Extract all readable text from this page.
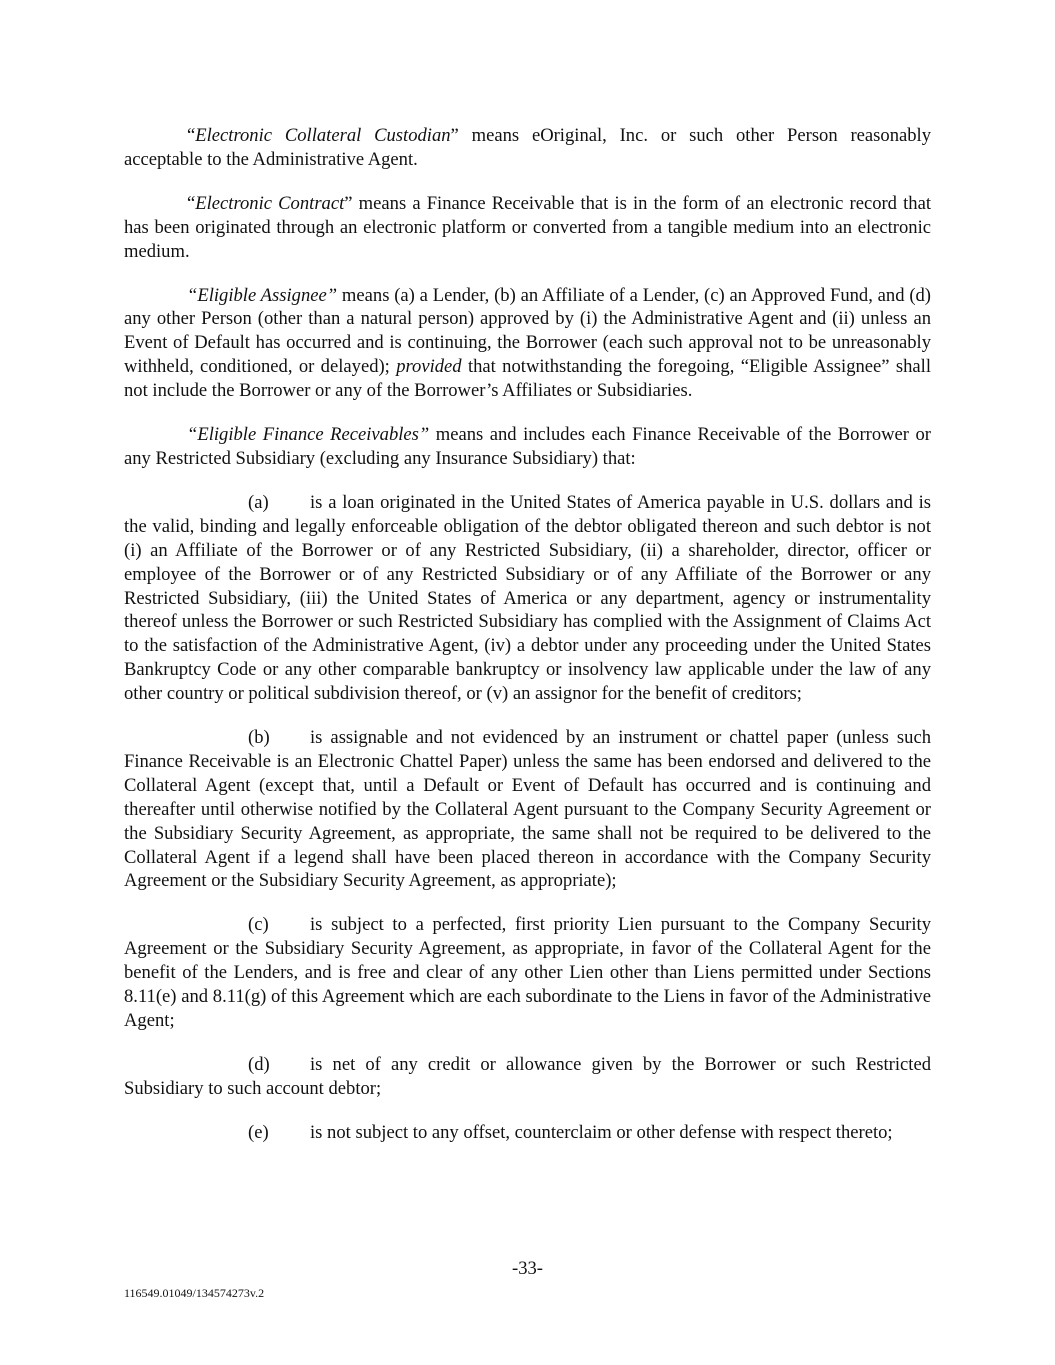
“Electronic Collateral Custodian” means eOriginal, Inc. or such other Person reasonably acceptable to the Administrative Agent.

“Electronic Contract” means a Finance Receivable that is in the form of an electronic record that has been originated through an electronic platform or converted from a tangible medium into an electronic medium.

“Eligible Assignee” means (a) a Lender, (b) an Affiliate of a Lender, (c) an Approved Fund, and (d) any other Person (other than a natural person) approved by (i) the Administrative Agent and (ii) unless an Event of Default has occurred and is continuing, the Borrower (each such approval not to be unreasonably withheld, conditioned, or delayed); provided that notwithstanding the foregoing, “Eligible Assignee” shall not include the Borrower or any of the Borrower’s Affiliates or Subsidiaries.

“Eligible Finance Receivables” means and includes each Finance Receivable of the Borrower or any Restricted Subsidiary (excluding any Insurance Subsidiary) that:

(a) is a loan originated in the United States of America payable in U.S. dollars and is the valid, binding and legally enforceable obligation of the debtor obligated thereon and such debtor is not (i) an Affiliate of the Borrower or of any Restricted Subsidiary, (ii) a shareholder, director, officer or employee of the Borrower or of any Restricted Subsidiary or of any Affiliate of the Borrower or any Restricted Subsidiary, (iii) the United States of America or any department, agency or instrumentality thereof unless the Borrower or such Restricted Subsidiary has complied with the Assignment of Claims Act to the satisfaction of the Administrative Agent, (iv) a debtor under any proceeding under the United States Bankruptcy Code or any other comparable bankruptcy or insolvency law applicable under the law of any other country or political subdivision thereof, or (v) an assignor for the benefit of creditors;

(b) is assignable and not evidenced by an instrument or chattel paper (unless such Finance Receivable is an Electronic Chattel Paper) unless the same has been endorsed and delivered to the Collateral Agent (except that, until a Default or Event of Default has occurred and is continuing and thereafter until otherwise notified by the Collateral Agent pursuant to the Company Security Agreement or the Subsidiary Security Agreement, as appropriate, the same shall not be required to be delivered to the Collateral Agent if a legend shall have been placed thereon in accordance with the Company Security Agreement or the Subsidiary Security Agreement, as appropriate);

(c) is subject to a perfected, first priority Lien pursuant to the Company Security Agreement or the Subsidiary Security Agreement, as appropriate, in favor of the Collateral Agent for the benefit of the Lenders, and is free and clear of any other Lien other than Liens permitted under Sections 8.11(e) and 8.11(g) of this Agreement which are each subordinate to the Liens in favor of the Administrative Agent;

(d) is net of any credit or allowance given by the Borrower or such Restricted Subsidiary to such account debtor;

(e) is not subject to any offset, counterclaim or other defense with respect thereto;

-33-
116549.01049/134574273v.2
